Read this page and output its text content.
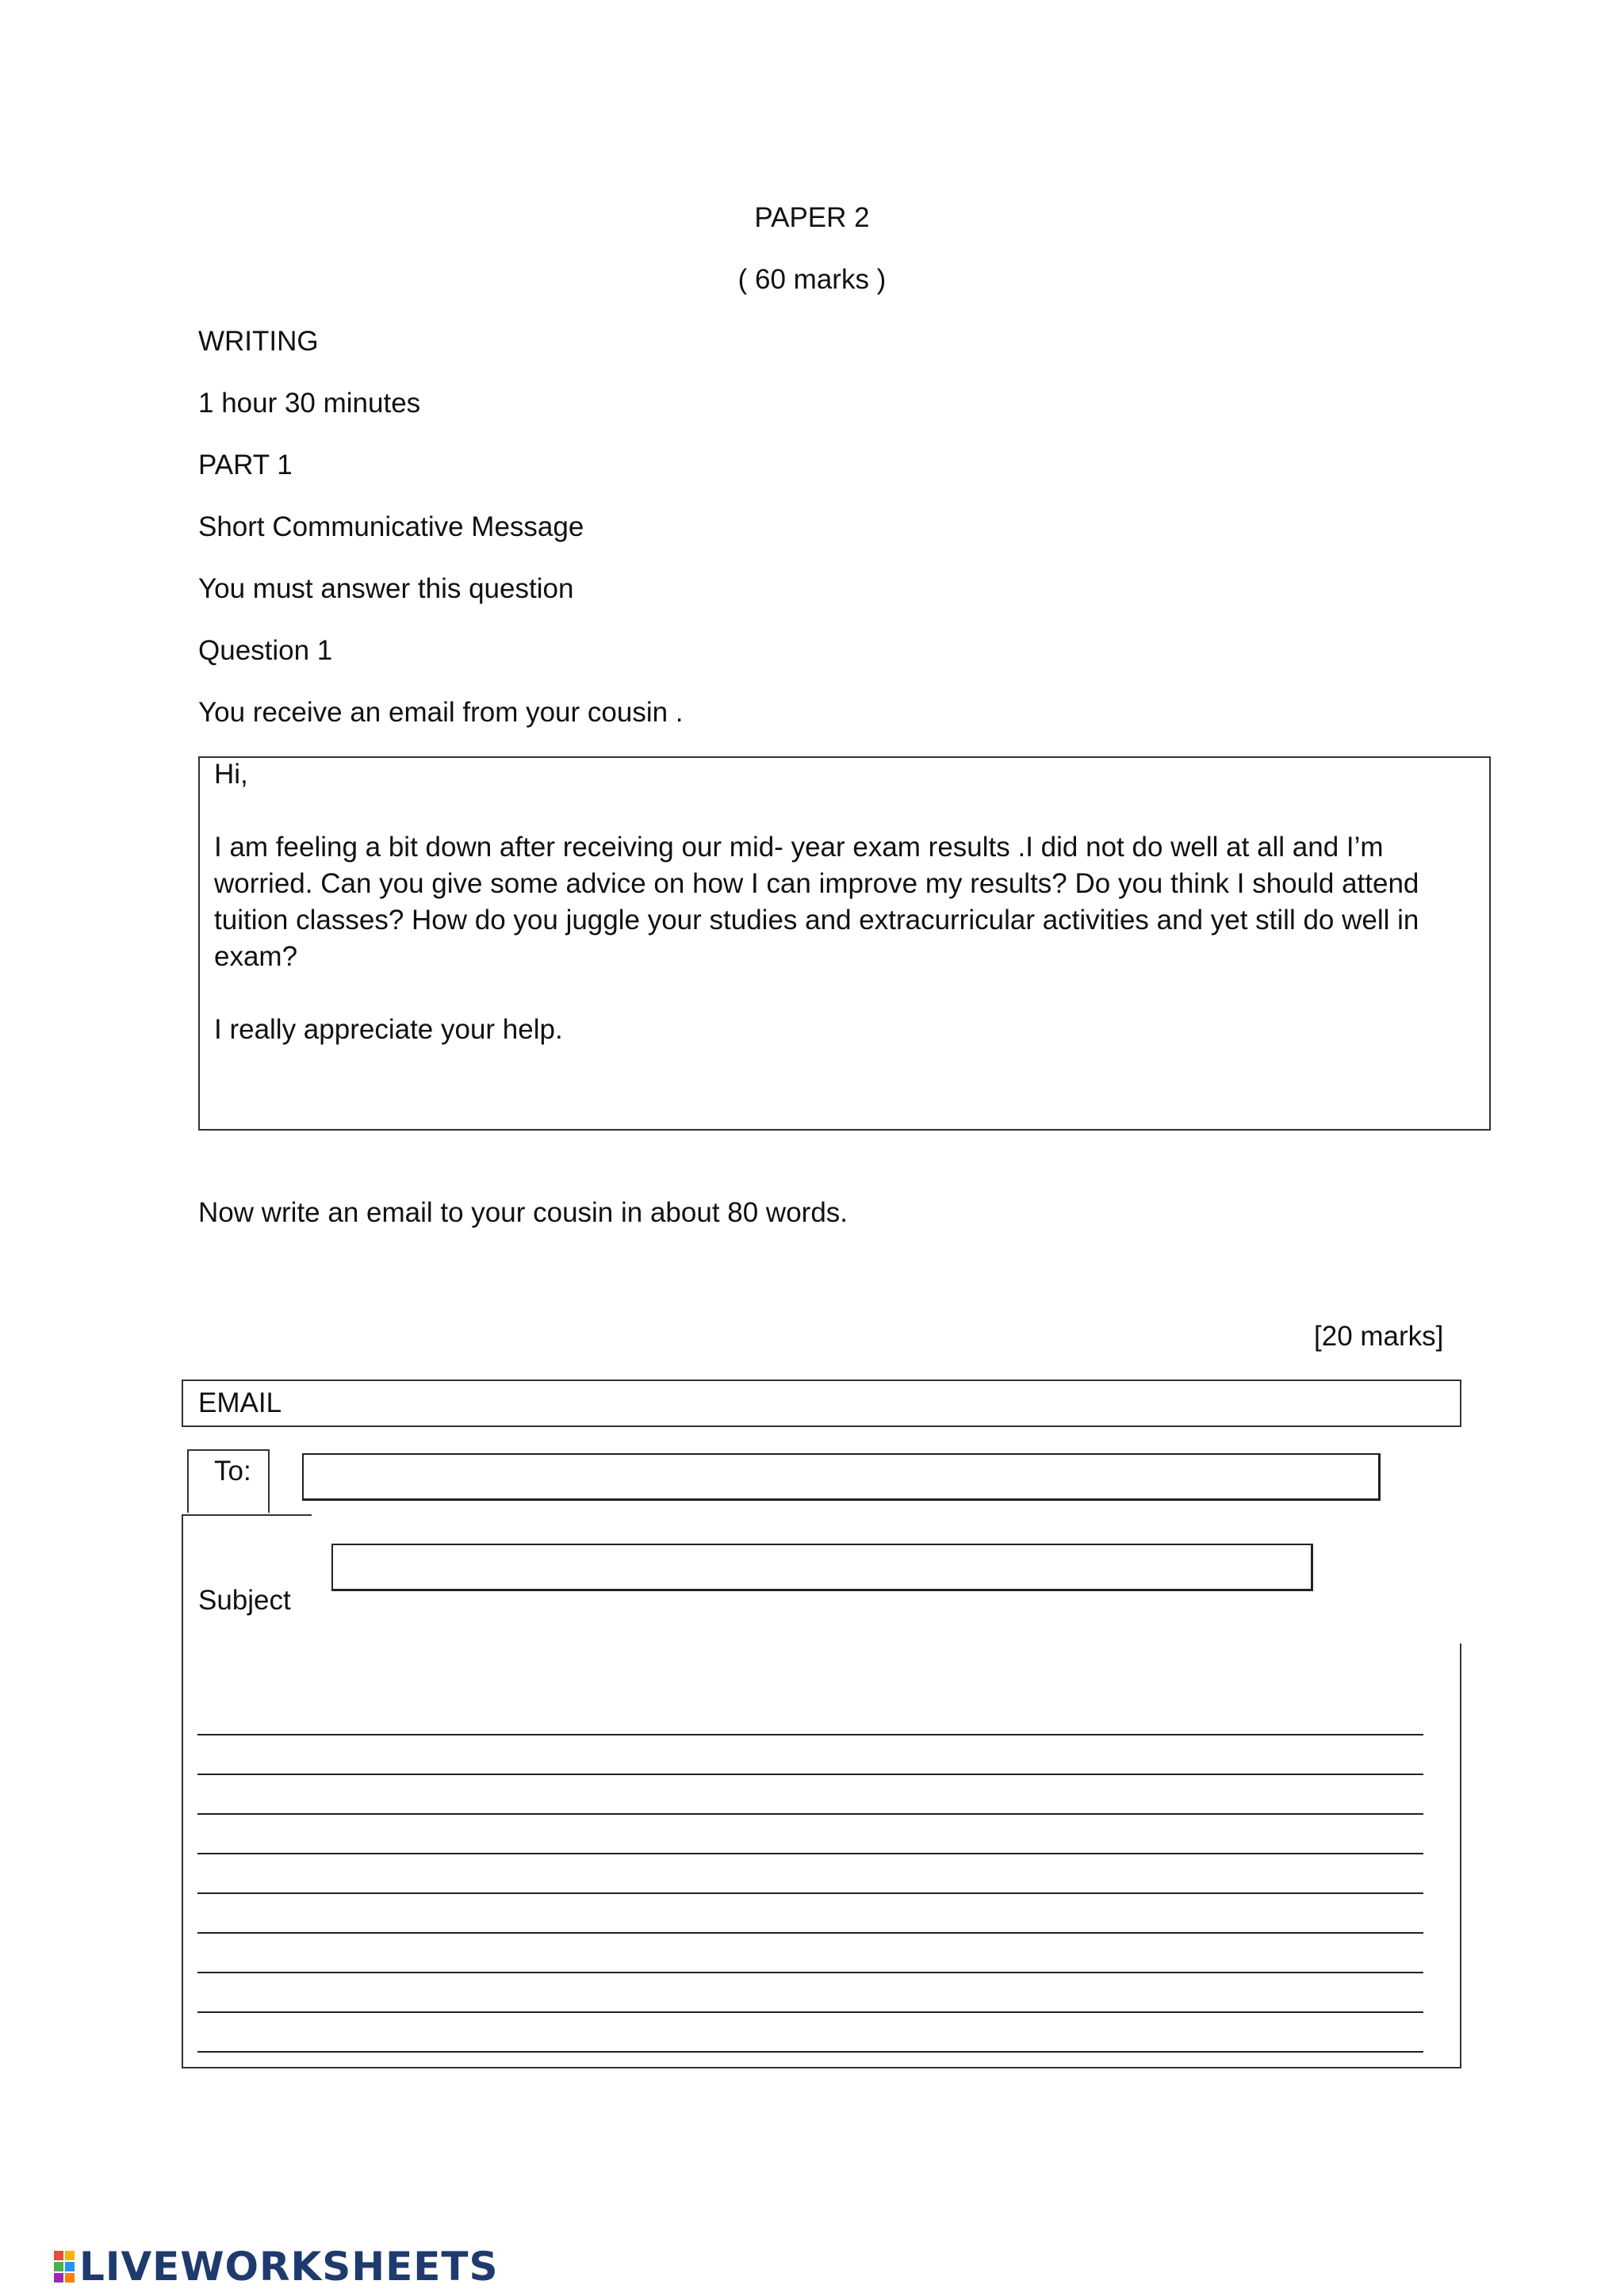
PAPER 2
( 60 marks )
WRITING
1 hour 30 minutes
PART 1
Short Communicative Message
You must answer this question
Question 1
You receive an email from your cousin .

Hi,

I am feeling a bit down after receiving our mid- year exam results .I did not do well at all and I’m worried. Can you give some advice on how I can improve my results? Do you think I should attend tuition classes? How do you juggle your studies and extracurricular activities and yet still do well in exam?

I really appreciate your help.

Now write an email to your cousin in about 80 words.
[20 marks]
EMAIL
To:
Subject
LIVEWORKSHEETS
